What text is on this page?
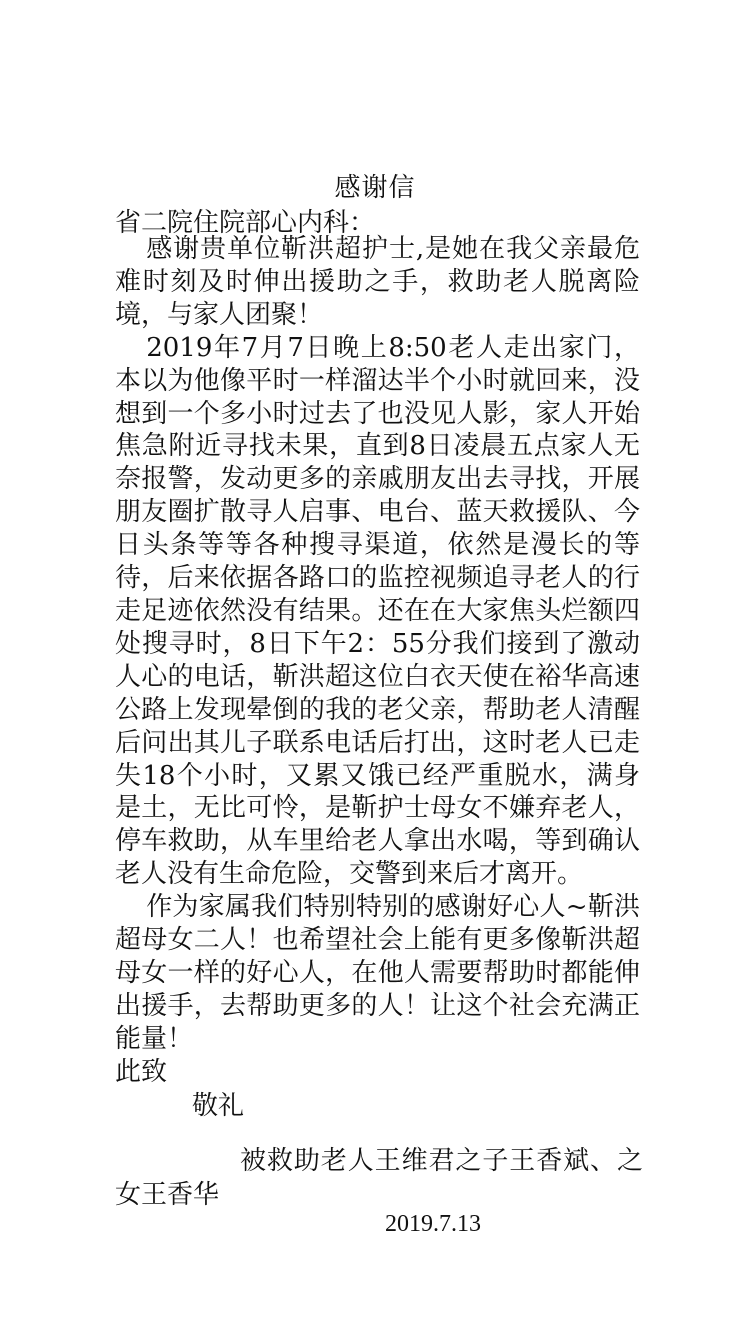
感谢信
省二院住院部心内科：

感谢贵单位靳洪超护士,是她在我父亲最危难时刻及时伸出援助之手，救助老人脱离险境，与家人团聚！

2019年7月7日晚上8:50老人走出家门，本以为他像平时一样溜达半个小时就回来，没想到一个多小时过去了也没见人影，家人开始焦急附近寻找未果，直到8日凌晨五点家人无奈报警，发动更多的亲戚朋友出去寻找，开展朋友圈扩散寻人启事、电台、蓝天救援队、今日头条等等各种搜寻渠道，依然是漫长的等待，后来依据各路口的监控视频追寻老人的行走足迹依然没有结果。还在在大家焦头烂额四处搜寻时，8日下午2：55分我们接到了激动人心的电话，靳洪超这位白衣天使在裕华高速公路上发现晕倒的我的老父亲，帮助老人清醒后问出其儿子联系电话后打出，这时老人已走失18个小时，又累又饿已经严重脱水，满身是土，无比可怜，是靳护士母女不嫌弃老人，停车救助，从车里给老人拿出水喝，等到确认老人没有生命危险，交警到来后才离开。

作为家属我们特别特别的感谢好心人~靳洪超母女二人！也希望社会上能有更多像靳洪超母女一样的好心人，在他人需要帮助时都能伸出援手，去帮助更多的人！让这个社会充满正能量！

此致
敬礼
被救助老人王维君之子王香斌、之女王香华
2019.7.13
